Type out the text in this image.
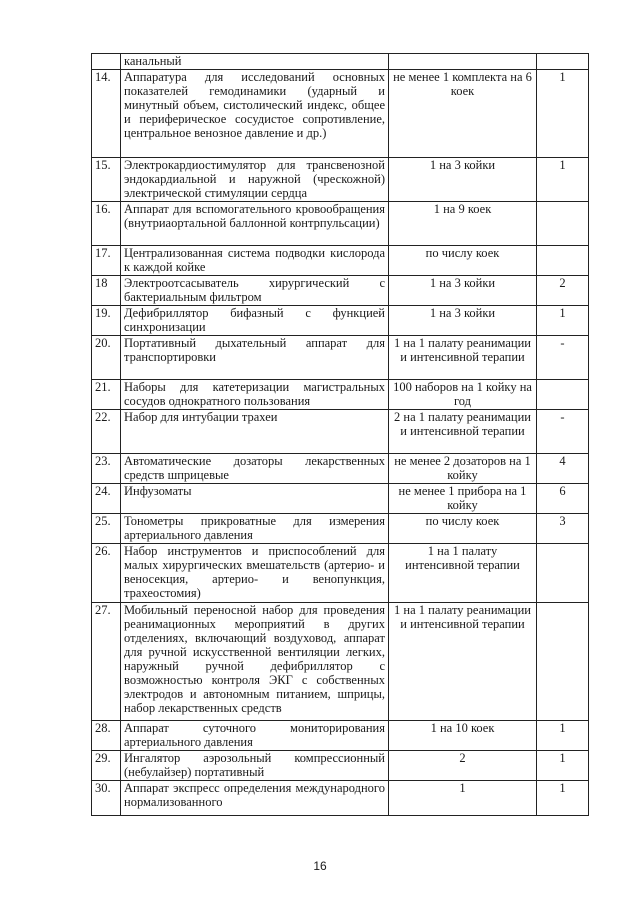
	канальный		
14.	Аппаратура для исследований основных показателей гемодинамики (ударный и минутный объем, систолический индекс, общее и периферическое сосудистое сопротивление, центральное венозное давление и др.)	не менее 1 комплекта на 6 коек	1
15.	Электрокардиостимулятор для трансвенозной эндокардиальной и наружной (чрескожной) электрической стимуляции сердца	1 на 3 койки	1
16.	Аппарат для вспомогательного кровообращения (внутриаортальной баллонной контрпульсации)	1 на 9 коек	
17.	Централизованная система подводки кислорода к каждой койке	по числу коек	
18	Электроотсасыватель хирургический с бактериальным фильтром	1 на 3 койки	2
19.	Дефибриллятор бифазный с функцией синхронизации	1 на 3 койки	1
20.	Портативный дыхательный аппарат для транспортировки	1 на 1 палату реанимации и интенсивной терапии	-
21.	Наборы для катетеризации магистральных сосудов однократного пользования	100 наборов на 1 койку на год	
22.	Набор для интубации трахеи	2 на 1 палату реанимации и интенсивной терапии	-
23.	Автоматические дозаторы лекарственных средств шприцевые	не менее 2 дозаторов на 1 койку	4
24.	Инфузоматы	не менее 1 прибора на 1 койку	6
25.	Тонометры прикроватные для измерения артериального давления	по числу коек	3
26.	Набор инструментов и приспособлений для малых хирургических вмешательств (артерио- и веносекция, артерио- и венопункция, трахеостомия)	1 на 1 палату интенсивной терапии	
27.	Мобильный переносной набор для проведения реанимационных мероприятий в других отделениях, включающий воздуховод, аппарат для ручной искусственной вентиляции легких, наружный ручной дефибриллятор с возможностью контроля ЭКГ с собственных электродов и автономным питанием, шприцы, набор лекарственных средств	1 на 1 палату реанимации и интенсивной терапии	
28.	Аппарат суточного мониторирования артериального давления	1 на 10 коек	1
29.	Ингалятор аэрозольный компрессионный (небулайзер) портативный	2	1
30.	Аппарат экспресс определения международного нормализованного	1	1
16
